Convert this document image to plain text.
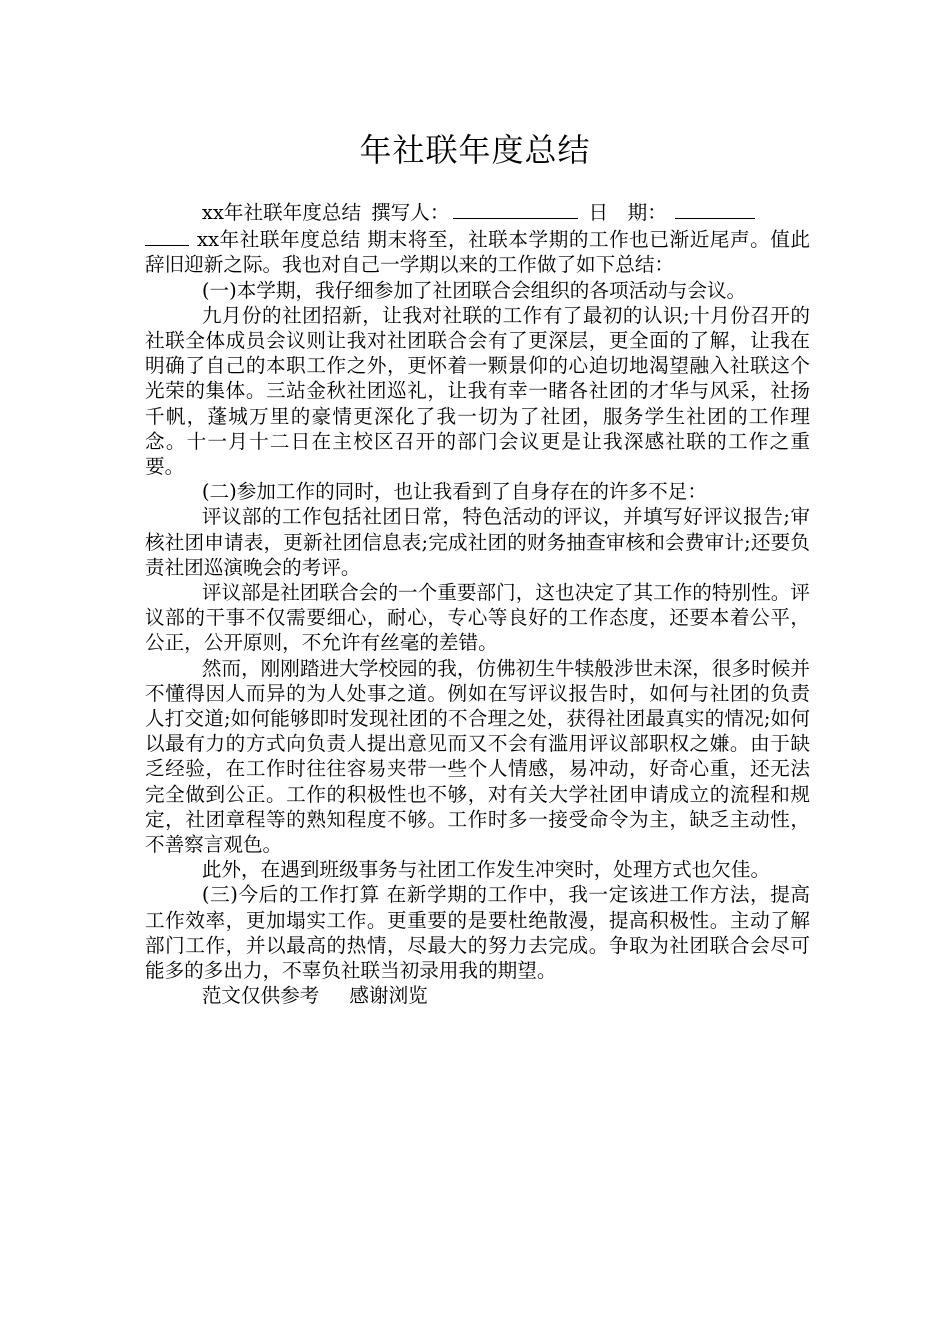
年社联年度总结

xx年社联年度总结 撰写人：	日　期：

xx年社联年度总结 期末将至，社联本学期的工作也已渐近尾声。值此辞旧迎新之际。我也对自己一学期以来的工作做了如下总结：

(一)本学期，我仔细参加了社团联合会组织的各项活动与会议。

九月份的社团招新，让我对社联的工作有了最初的认识;十月份召开的社联全体成员会议则让我对社团联合会有了更深层，更全面的了解，让我在明确了自己的本职工作之外，更怀着一颗景仰的心迫切地渴望融入社联这个光荣的集体。三站金秋社团巡礼，让我有幸一睹各社团的才华与风采，社扬千帆，蓬城万里的豪情更深化了我一切为了社团，服务学生社团的工作理念。十一月十二日在主校区召开的部门会议更是让我深感社联的工作之重要。

(二)参加工作的同时，也让我看到了自身存在的许多不足：

评议部的工作包括社团日常，特色活动的评议，并填写好评议报告;审核社团申请表，更新社团信息表;完成社团的财务抽查审核和会费审计;还要负责社团巡演晚会的考评。

评议部是社团联合会的一个重要部门，这也决定了其工作的特别性。评议部的干事不仅需要细心，耐心，专心等良好的工作态度，还要本着公平，公正，公开原则，不允许有丝毫的差错。

然而，刚刚踏进大学校园的我，仿佛初生牛犊般涉世未深，很多时候并不懂得因人而异的为人处事之道。例如在写评议报告时，如何与社团的负责人打交道;如何能够即时发现社团的不合理之处，获得社团最真实的情况;如何以最有力的方式向负责人提出意见而又不会有滥用评议部职权之嫌。由于缺乏经验，在工作时往往容易夹带一些个人情感，易冲动，好奇心重，还无法完全做到公正。工作的积极性也不够，对有关大学社团申请成立的流程和规定，社团章程等的熟知程度不够。工作时多一接受命令为主，缺乏主动性，不善察言观色。

此外，在遇到班级事务与社团工作发生冲突时，处理方式也欠佳。

(三)今后的工作打算 在新学期的工作中，我一定该进工作方法，提高工作效率，更加塌实工作。更重要的是要杜绝散漫，提高积极性。主动了解部门工作，并以最高的热情，尽最大的努力去完成。争取为社团联合会尽可能多的多出力，不辜负社联当初录用我的期望。

范文仅供参考 感谢浏览
